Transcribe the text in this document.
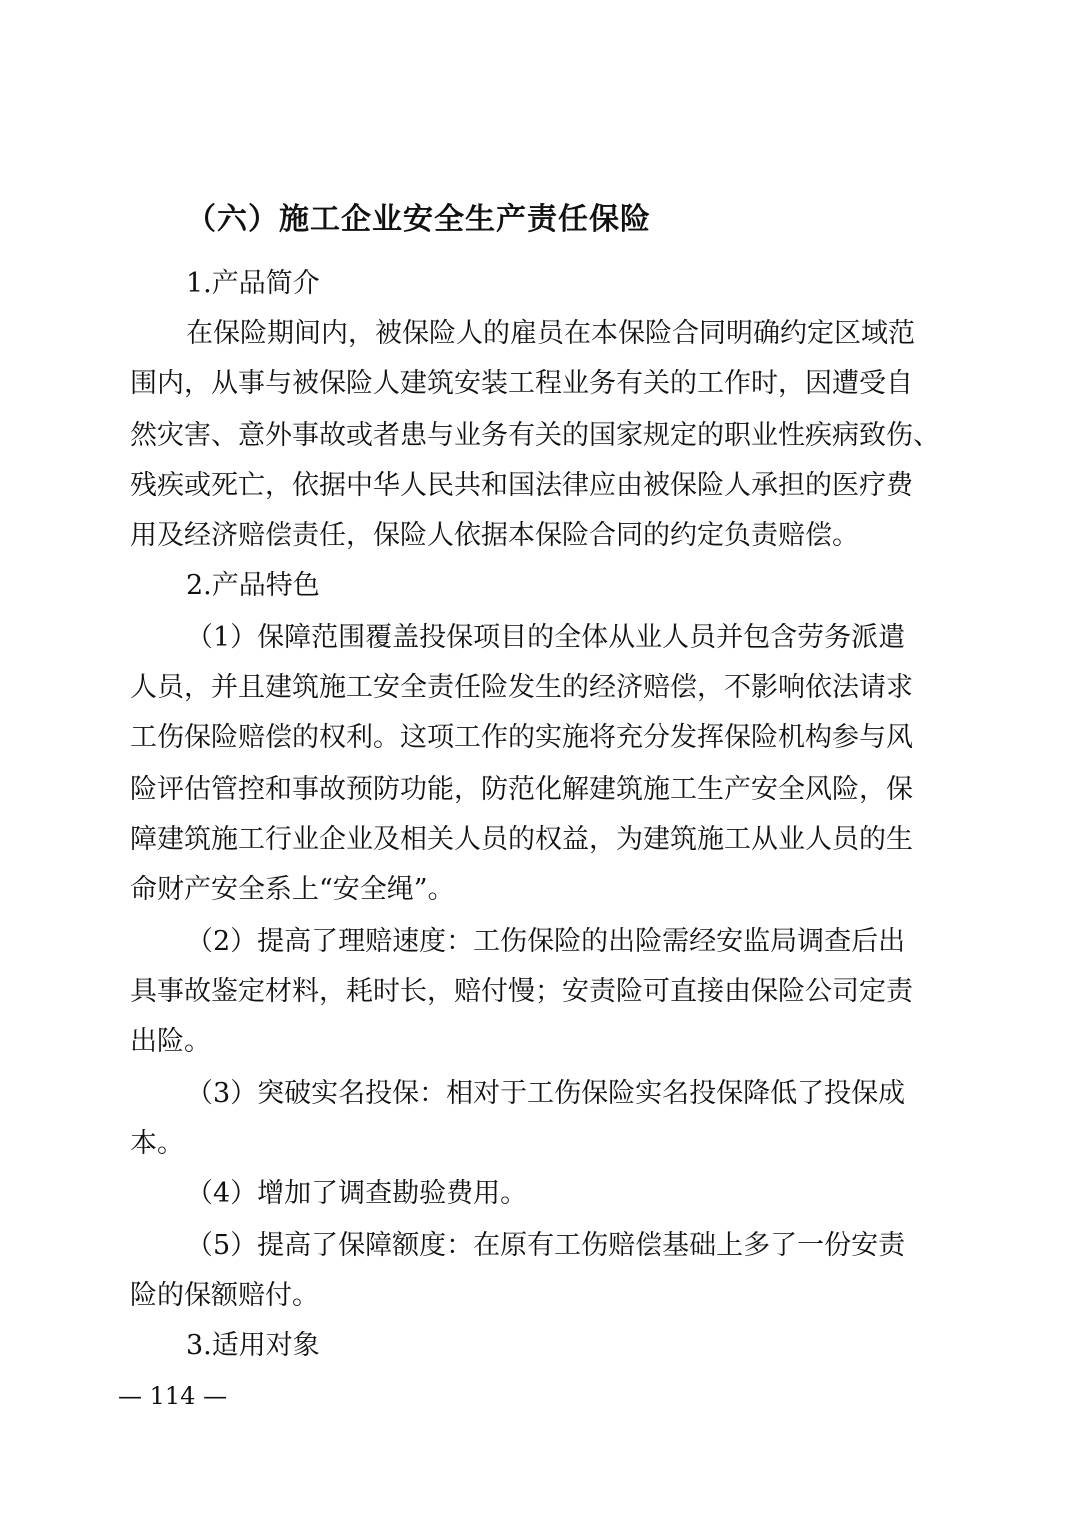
（六）施工企业安全生产责任保险
1.产品简介
在保险期间内，被保险人的雇员在本保险合同明确约定区域范
围内，从事与被保险人建筑安装工程业务有关的工作时，因遭受自
然灾害、意外事故或者患与业务有关的国家规定的职业性疾病致伤、
残疾或死亡，依据中华人民共和国法律应由被保险人承担的医疗费
用及经济赔偿责任，保险人依据本保险合同的约定负责赔偿。
2.产品特色
（1）保障范围覆盖投保项目的全体从业人员并包含劳务派遣
人员，并且建筑施工安全责任险发生的经济赔偿，不影响依法请求
工伤保险赔偿的权利。这项工作的实施将充分发挥保险机构参与风
险评估管控和事故预防功能，防范化解建筑施工生产安全风险，保
障建筑施工行业企业及相关人员的权益，为建筑施工从业人员的生
命财产安全系上“安全绳”。
（2）提高了理赔速度：工伤保险的出险需经安监局调查后出
具事故鉴定材料，耗时长，赔付慢；安责险可直接由保险公司定责
出险。
（3）突破实名投保：相对于工伤保险实名投保降低了投保成
本。
（4）增加了调查勘验费用。
（5）提高了保障额度：在原有工伤赔偿基础上多了一份安责
险的保额赔付。
3.适用对象
— 114 —
